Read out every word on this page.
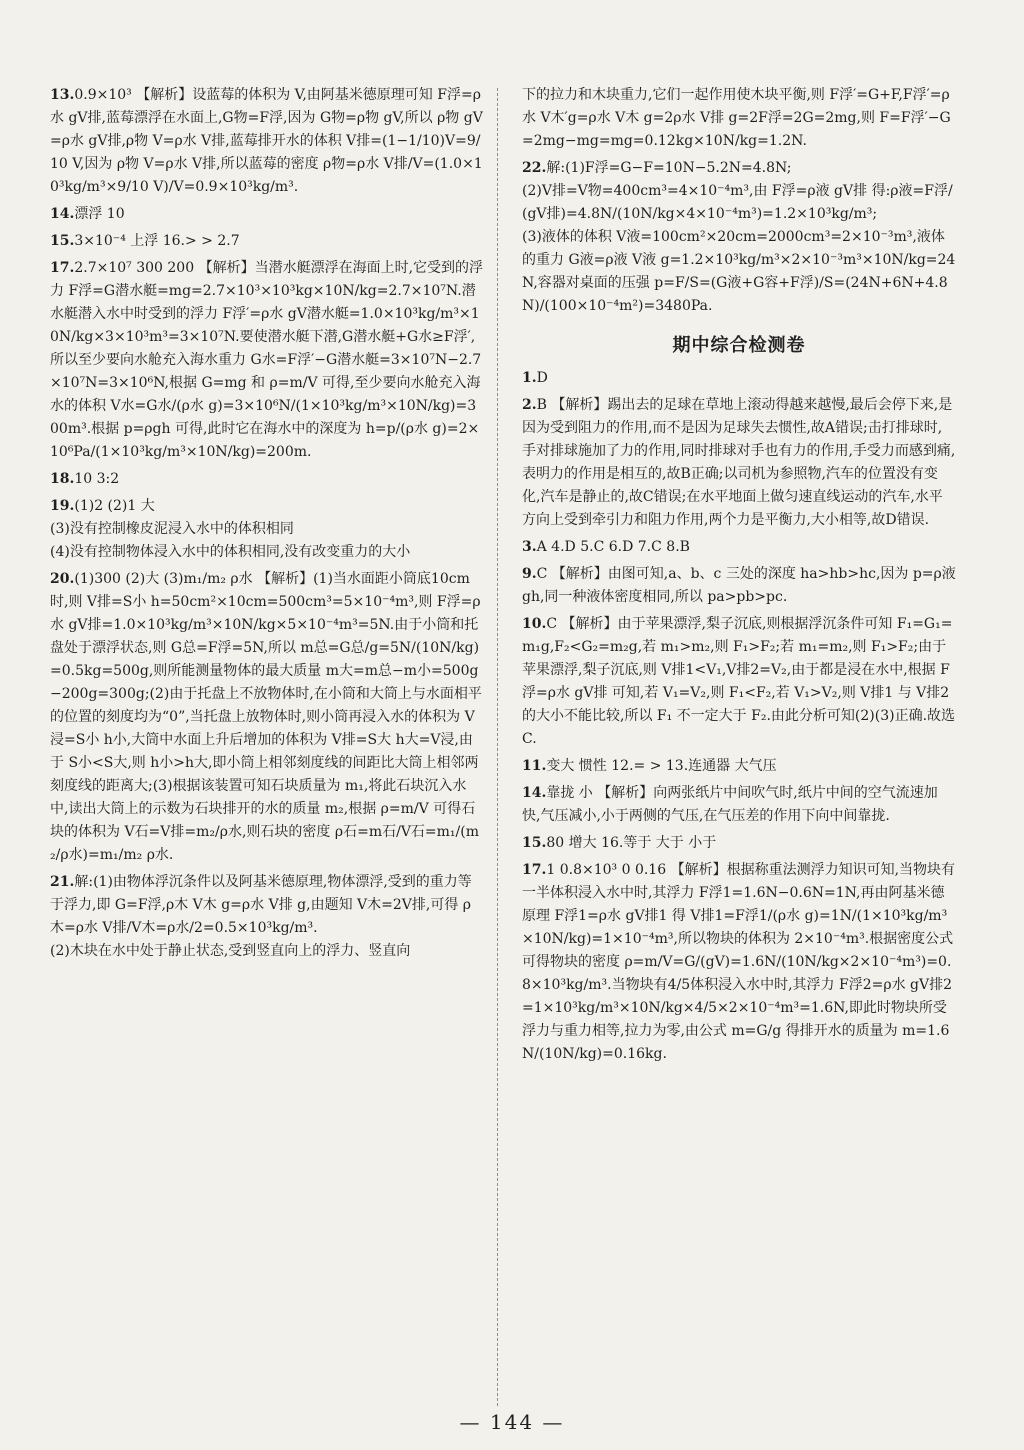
13.0.9×10³ 【解析】设蓝莓的体积为 V,由阿基米德原理可知 F浮=ρ水 gV排,蓝莓漂浮在水面上,G物=F浮,因为 G物=ρ物 gV,所以 ρ物 gV=ρ水 gV排,ρ物 V=ρ水 V排,蓝莓排开水的体积 V排=(1−1/10)V=9/10 V,因为 ρ物 V=ρ水 V排,所以蓝莓的密度 ρ物=ρ水 V排/V=(1.0×10³kg/m³×9/10 V)/V=0.9×10³kg/m³.
14.漂浮 10
15.3×10⁻⁴ 上浮 16.> > 2.7
17.2.7×10⁷ 300 200 【解析】当潜水艇漂浮在海面上时,它受到的浮力 F浮=G潜水艇=mg=2.7×10³×10³kg×10N/kg=2.7×10⁷N.潜水艇潜入水中时受到的浮力 F浮′=ρ水 gV潜水艇=1.0×10³kg/m³×10N/kg×3×10³m³=3×10⁷N.要使潜水艇下潜,G潜水艇+G水≥F浮′,所以至少要向水舱充入海水重力 G水=F浮′−G潜水艇=3×10⁷N−2.7×10⁷N=3×10⁶N,根据 G=mg 和 ρ=m/V 可得,至少要向水舱充入海水的体积 V水=G水/(ρ水 g)=3×10⁶N/(1×10³kg/m³×10N/kg)=300m³.根据 p=ρgh 可得,此时它在海水中的深度为 h=p/(ρ水 g)=2×10⁶Pa/(1×10³kg/m³×10N/kg)=200m.
18.10 3:2
19.(1)2 (2)1 大
(3)没有控制橡皮泥浸入水中的体积相同
(4)没有控制物体浸入水中的体积相同,没有改变重力的大小
20.(1)300 (2)大 (3)m₁/m₂ ρ水 【解析】(1)当水面距小筒底10cm时,则 V排=S小 h=50cm²×10cm=500cm³=5×10⁻⁴m³,则 F浮=ρ水 gV排=1.0×10³kg/m³×10N/kg×5×10⁻⁴m³=5N.由于小筒和托盘处于漂浮状态,则 G总=F浮=5N,所以 m总=G总/g=5N/(10N/kg)=0.5kg=500g,则所能测量物体的最大质量 m大=m总−m小=500g−200g=300g;(2)由于托盘上不放物体时,在小筒和大筒上与水面相平的位置的刻度均为“0”,当托盘上放物体时,则小筒再浸入水的体积为 V浸=S小 h小,大筒中水面上升后增加的体积为 V排=S大 h大=V浸,由于 S小<S大,则 h小>h大,即小筒上相邻刻度线的间距比大筒上相邻两刻度线的距离大;(3)根据该装置可知石块质量为 m₁,将此石块沉入水中,读出大筒上的示数为石块排开的水的质量 m₂,根据 ρ=m/V 可得石块的体积为 V石=V排=m₂/ρ水,则石块的密度 ρ石=m石/V石=m₁/(m₂/ρ水)=m₁/m₂ ρ水.
21.解:(1)由物体浮沉条件以及阿基米德原理,物体漂浮,受到的重力等于浮力,即 G=F浮,ρ木 V木 g=ρ水 V排 g,由题知 V木=2V排,可得 ρ木=ρ水 V排/V木=ρ水/2=0.5×10³kg/m³.
(2)木块在水中处于静止状态,受到竖直向上的浮力、竖直向
下的拉力和木块重力,它们一起作用使木块平衡,则 F浮′=G+F,F浮′=ρ水 V木′g=ρ水 V木 g=2ρ水 V排 g=2F浮=2G=2mg,则 F=F浮′−G=2mg−mg=mg=0.12kg×10N/kg=1.2N.
22.解:(1)F浮=G−F=10N−5.2N=4.8N;
(2)V排=V物=400cm³=4×10⁻⁴m³,由 F浮=ρ液 gV排 得:ρ液=F浮/(gV排)=4.8N/(10N/kg×4×10⁻⁴m³)=1.2×10³kg/m³;
(3)液体的体积 V液=100cm²×20cm=2000cm³=2×10⁻³m³,液体的重力 G液=ρ液 V液 g=1.2×10³kg/m³×2×10⁻³m³×10N/kg=24N,容器对桌面的压强 p=F/S=(G液+G容+F浮)/S=(24N+6N+4.8N)/(100×10⁻⁴m²)=3480Pa.
期中综合检测卷
1.D
2.B 【解析】踢出去的足球在草地上滚动得越来越慢,最后会停下来,是因为受到阻力的作用,而不是因为足球失去惯性,故A错误;击打排球时,手对排球施加了力的作用,同时排球对手也有力的作用,手受力而感到痛,表明力的作用是相互的,故B正确;以司机为参照物,汽车的位置没有变化,汽车是静止的,故C错误;在水平地面上做匀速直线运动的汽车,水平方向上受到牵引力和阻力作用,两个力是平衡力,大小相等,故D错误.
3.A 4.D 5.C 6.D 7.C 8.B
9.C 【解析】由图可知,a、b、c 三处的深度 ha>hb>hc,因为 p=ρ液 gh,同一种液体密度相同,所以 pa>pb>pc.
10.C 【解析】由于苹果漂浮,梨子沉底,则根据浮沉条件可知 F₁=G₁=m₁g,F₂<G₂=m₂g,若 m₁>m₂,则 F₁>F₂;若 m₁=m₂,则 F₁>F₂;由于苹果漂浮,梨子沉底,则 V排1<V₁,V排2=V₂,由于都是浸在水中,根据 F浮=ρ水 gV排 可知,若 V₁=V₂,则 F₁<F₂,若 V₁>V₂,则 V排1 与 V排2 的大小不能比较,所以 F₁ 不一定大于 F₂.由此分析可知(2)(3)正确.故选C.
11.变大 惯性 12.= > 13.连通器 大气压
14.靠拢 小 【解析】向两张纸片中间吹气时,纸片中间的空气流速加快,气压减小,小于两侧的气压,在气压差的作用下向中间靠拢.
15.80 增大 16.等于 大于 小于
17.1 0.8×10³ 0 0.16 【解析】根据称重法测浮力知识可知,当物块有一半体积浸入水中时,其浮力 F浮1=1.6N−0.6N=1N,再由阿基米德原理 F浮1=ρ水 gV排1 得 V排1=F浮1/(ρ水 g)=1N/(1×10³kg/m³×10N/kg)=1×10⁻⁴m³,所以物块的体积为 2×10⁻⁴m³.根据密度公式可得物块的密度 ρ=m/V=G/(gV)=1.6N/(10N/kg×2×10⁻⁴m³)=0.8×10³kg/m³.当物块有4/5体积浸入水中时,其浮力 F浮2=ρ水 gV排2=1×10³kg/m³×10N/kg×4/5×2×10⁻⁴m³=1.6N,即此时物块所受浮力与重力相等,拉力为零,由公式 m=G/g 得排开水的质量为 m=1.6N/(10N/kg)=0.16kg.
— 144 —
